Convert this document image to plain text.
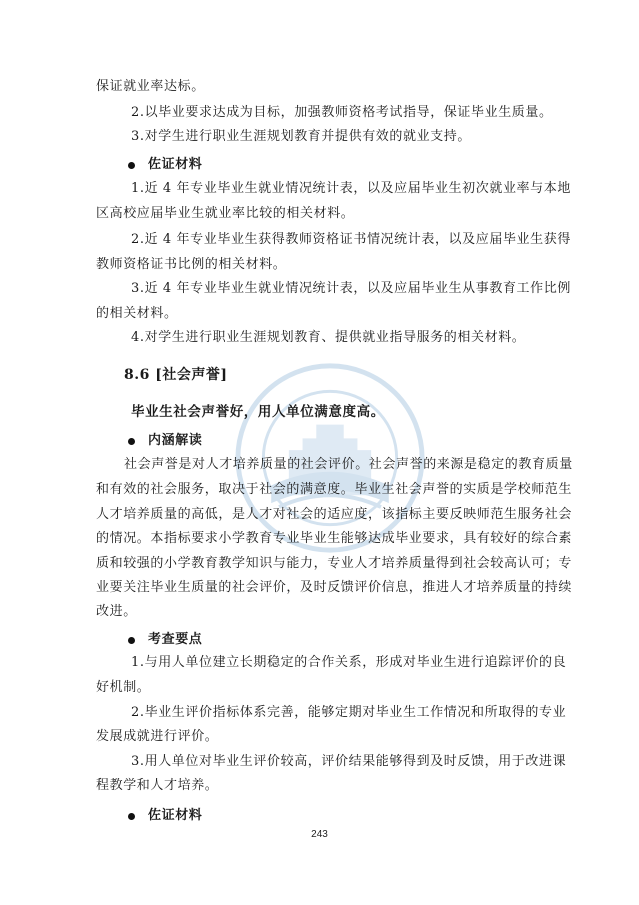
保证就业率达标。
2.以毕业要求达成为目标，加强教师资格考试指导，保证毕业生质量。
3.对学生进行职业生涯规划教育并提供有效的就业支持。
佐证材料
1.近 4 年专业毕业生就业情况统计表，以及应届毕业生初次就业率与本地
区高校应届毕业生就业率比较的相关材料。
2.近 4 年专业毕业生获得教师资格证书情况统计表，以及应届毕业生获得
教师资格证书比例的相关材料。
3.近 4 年专业毕业生就业情况统计表，以及应届毕业生从事教育工作比例
的相关材料。
4.对学生进行职业生涯规划教育、提供就业指导服务的相关材料。
8.6 [社会声誉]
毕业生社会声誉好，用人单位满意度高。
内涵解读
社会声誉是对人才培养质量的社会评价。社会声誉的来源是稳定的教育质量
和有效的社会服务，取决于社会的满意度。毕业生社会声誉的实质是学校师范生
人才培养质量的高低，是人才对社会的适应度，该指标主要反映师范生服务社会
的情况。本指标要求小学教育专业毕业生能够达成毕业要求，具有较好的综合素
质和较强的小学教育教学知识与能力，专业人才培养质量得到社会较高认可；专
业要关注毕业生质量的社会评价，及时反馈评价信息，推进人才培养质量的持续
改进。
考查要点
1.与用人单位建立长期稳定的合作关系，形成对毕业生进行追踪评价的良
好机制。
2.毕业生评价指标体系完善，能够定期对毕业生工作情况和所取得的专业
发展成就进行评价。
3.用人单位对毕业生评价较高，评价结果能够得到及时反馈，用于改进课
程教学和人才培养。
佐证材料
243
